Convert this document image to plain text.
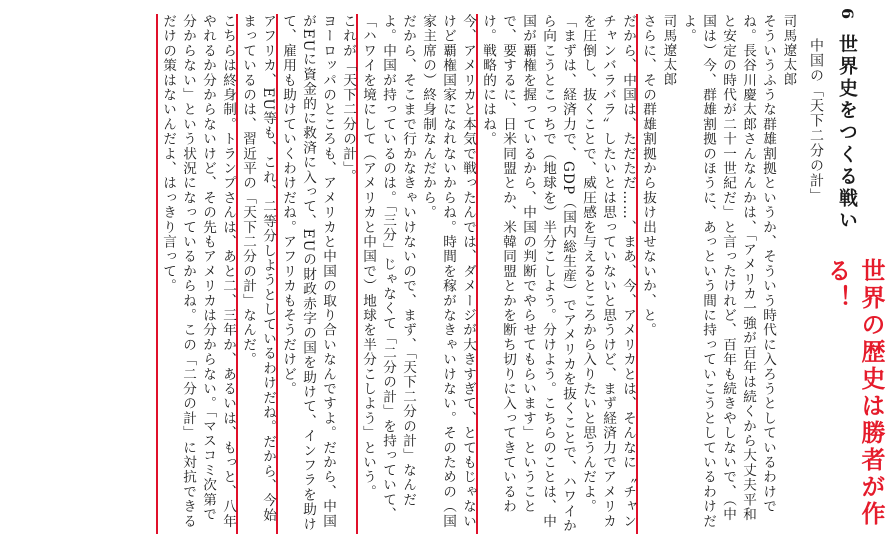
6
世界史をつくる戦い
中国の「天下二分の計」
世界の歴史は勝者が作る！

司馬遼太郎

そういうふうな群雄割拠というか、そういう時代に入ろうとしているわけでね。長谷川慶太郎さんなんかは、「アメリカ一強が百年は続くから大丈夫平和と安定の時代が二十一世紀だ」と言ったけれど、百年も続きやしないで、（中国は）今、群雄割拠のほうに、あっという間に持っていこうとしているわけだよ。

司馬遼太郎

さらに、その群雄割拠から抜け出せないか、と。

だから、中国は、ただただ……、まあ、今、アメリカとは、そんなに〝チャンチャンバラバラ〟したいとは思っていないと思うけど、まず経済力でアメリカを圧倒し、抜くことで、威圧感を与えるところから入りたいと思うんだよ。

「まずは、経済力で、GDP（国内総生産）でアメリカを抜くことで、ハワイから向こうとこっちで（地球を）半分こしよう。分けよう。こちらのことは、中国が覇権を握っているから、中国の判断でやらせてもらいます」ということで、要するに、日米同盟とか、米韓同盟とかを断ち切りに入ってきているわけ。戦略的にはね。

今、アメリカと本気で戦ったんでは、ダメージが大きすぎて、とてもじゃないけど覇権国家になれないからね。時間を稼がなきゃいけない。そのための（国家主席の）終身制なんだから。

だから、そこまで行かなきゃいけないので、まず、「天下二分の計」なんだよ。中国が持っているのは。「三分」じゃなくて「二分の計」を持っていて、「ハワイを境にして（アメリカと中国で）地球を半分こしよう」という。

これが「天下二分の計」。

ヨーロッパのところも、アメリカと中国の取り合いなんですよ。だから、中国がEUに資金的に救済に入って、EUの財政赤字の国を助けて、インフラを助けて、雇用も助けていくわけだね。アフリカもそうだけど。

アフリカ、EU等も、これ、二等分しようとしているわけだね。だから、今始まっているのは、習近平の「天下二分の計」なんだ。

こちらは終身制。トランプさんは、あと二、三年か、あるいは、もっと、八年やれるか分からないけど、その先もアメリカは分からない。「マスコミ次第で分からない」という状況になっているからね。この「二分の計」に対抗できるだけの策はないんだよ、はっきり言って。
